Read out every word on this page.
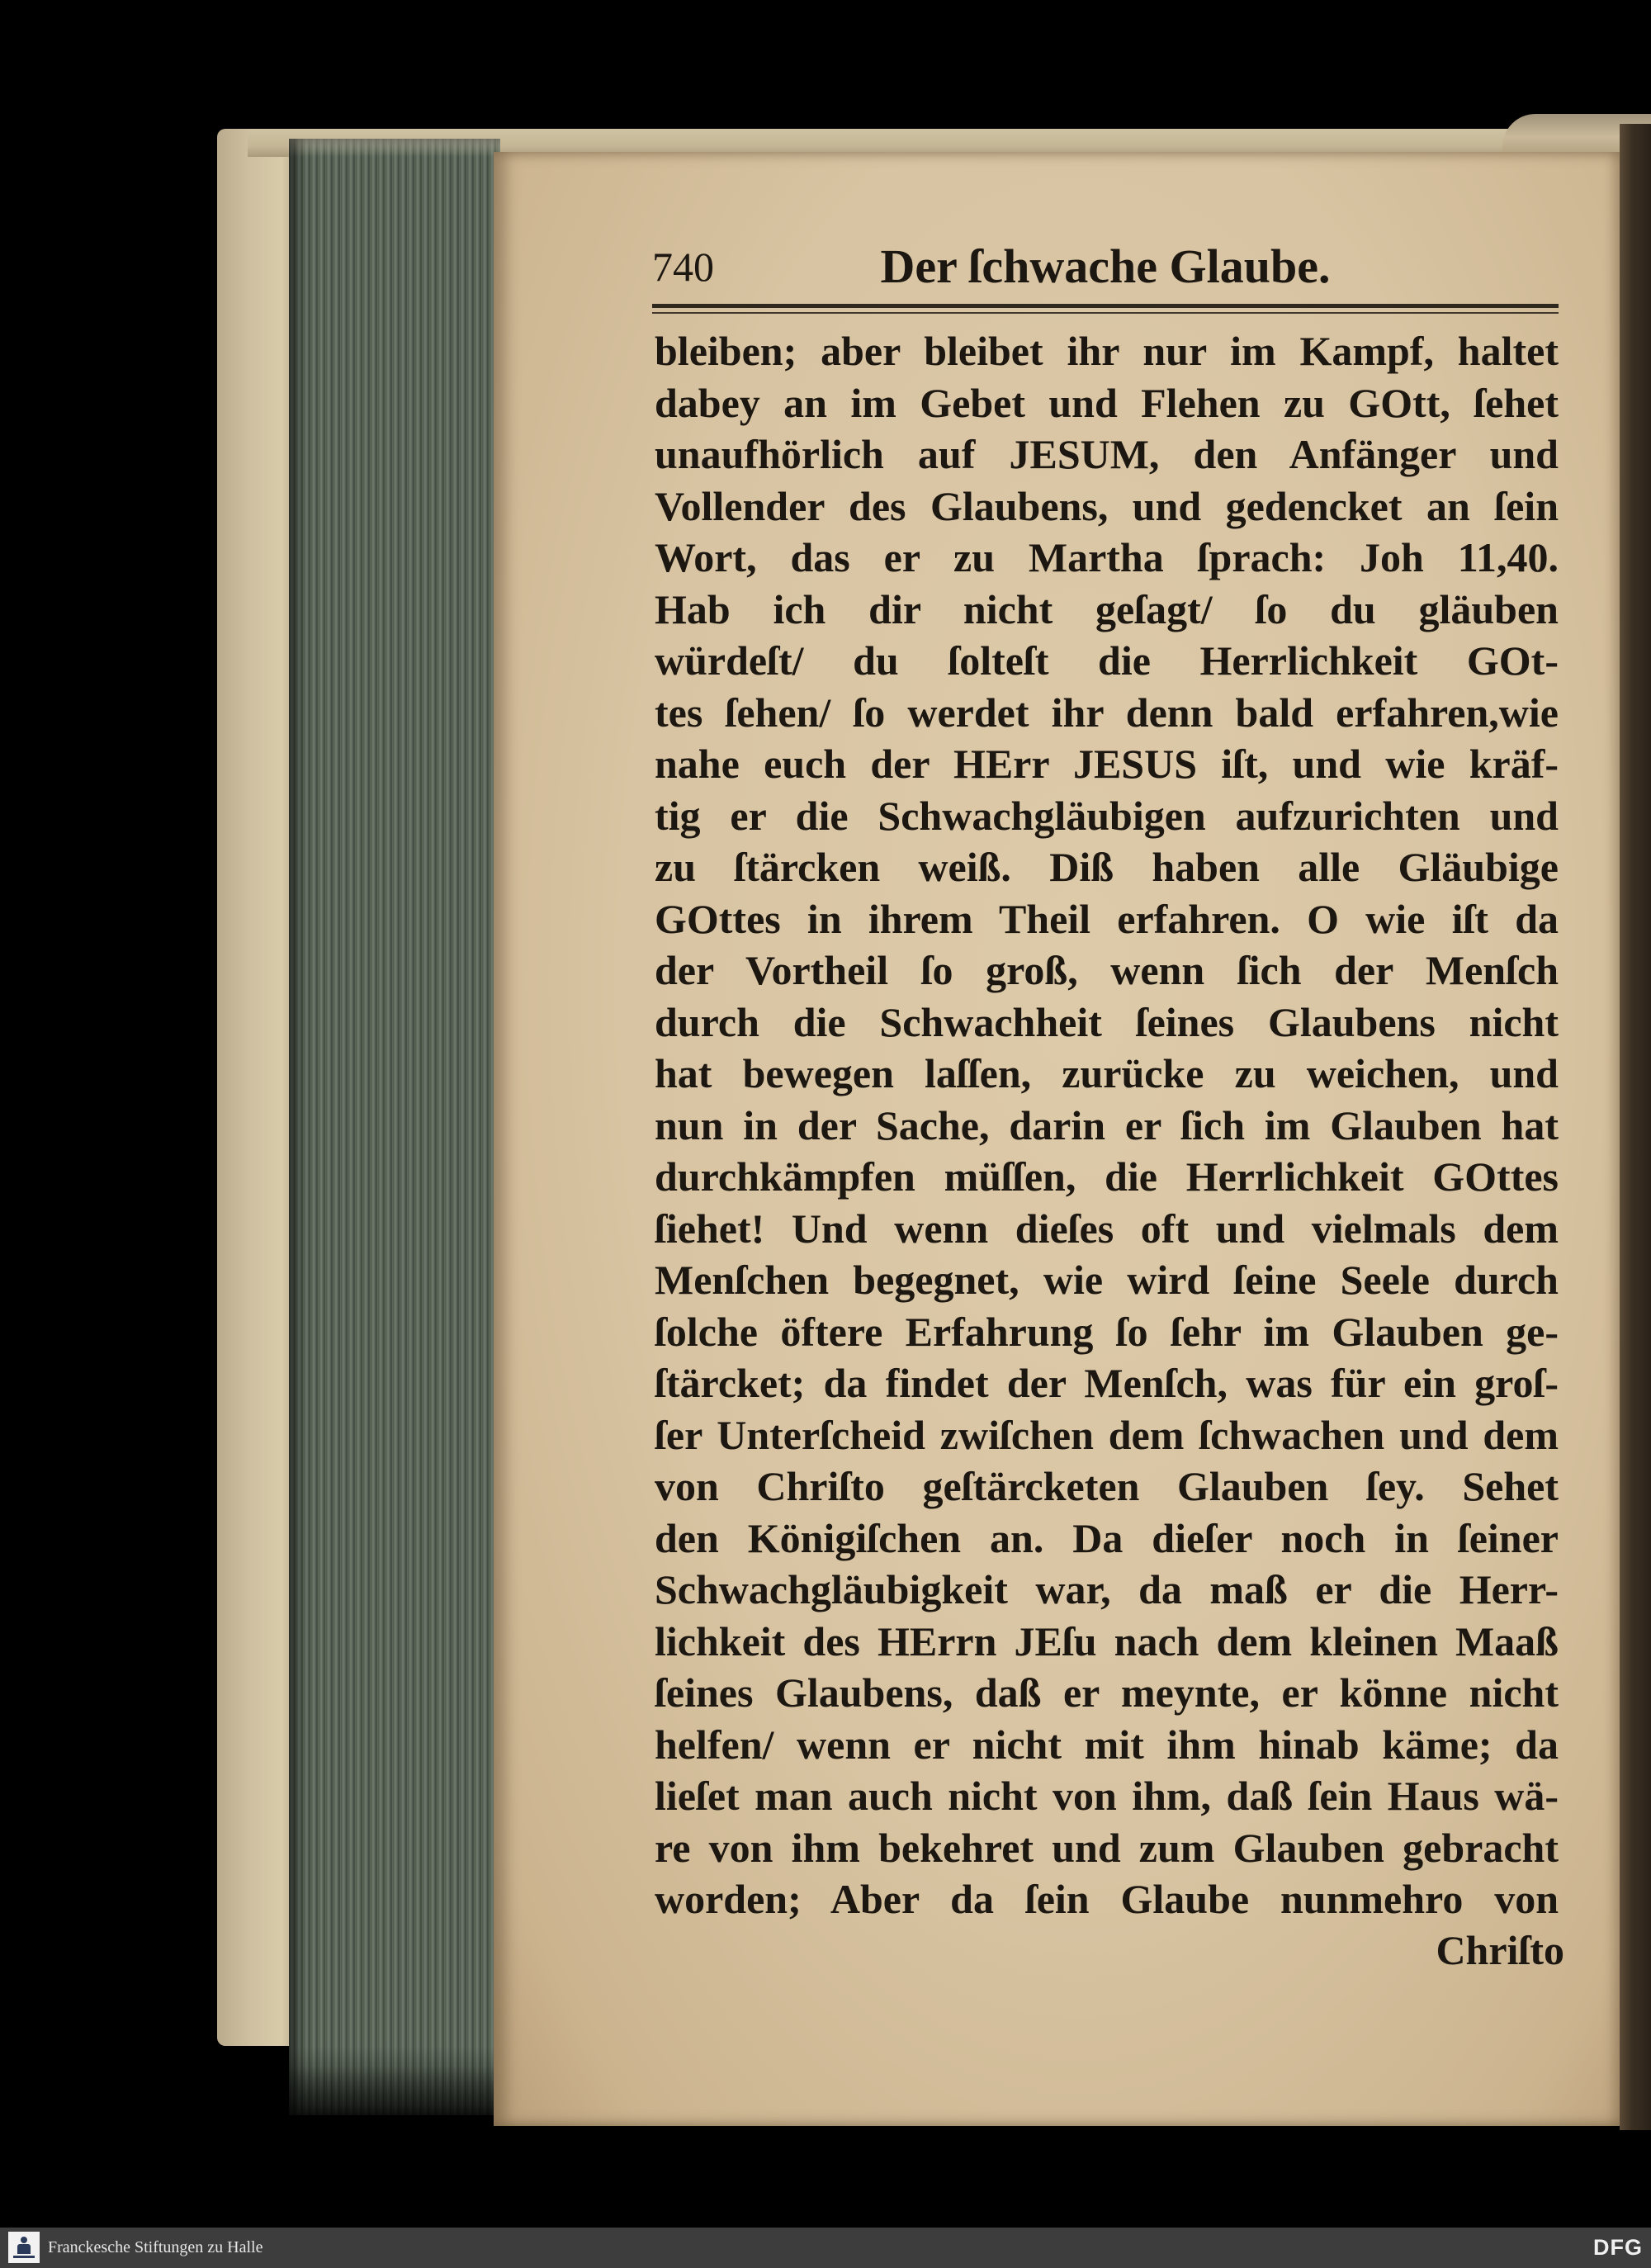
740	Der ſchwache Glaube.
bleiben; aber bleibet ihr nur im Kampf, haltet
dabey an im Gebet und Flehen zu GOtt, ſehet
unaufhörlich auf JESUM, den Anfänger und
Vollender des Glaubens, und gedencket an ſein
Wort, das er zu Martha ſprach: Joh 11,40.
Hab ich dir nicht geſagt/ ſo du gläuben
würdeſt/ du ſolteſt die Herrlichkeit GOt-
tes ſehen/ ſo werdet ihr denn bald erfahren,wie
nahe euch der HErr JESUS iſt, und wie kräf-
tig er die Schwachgläubigen aufzurichten und
zu ſtärcken weiß. Diß haben alle Gläubige
GOttes in ihrem Theil erfahren. O wie iſt da
der Vortheil ſo groß, wenn ſich der Menſch
durch die Schwachheit ſeines Glaubens nicht
hat bewegen laſſen, zurücke zu weichen, und
nun in der Sache, darin er ſich im Glauben hat
durchkämpfen müſſen, die Herrlichkeit GOttes
ſiehet! Und wenn dieſes oft und vielmals dem
Menſchen begegnet, wie wird ſeine Seele durch
ſolche öftere Erfahrung ſo ſehr im Glauben ge-
ſtärcket; da findet der Menſch, was für ein groſ-
ſer Unterſcheid zwiſchen dem ſchwachen und dem
von Chriſto geſtärcketen Glauben ſey. Sehet
den Königiſchen an. Da dieſer noch in ſeiner
Schwachgläubigkeit war, da maß er die Herr-
lichkeit des HErrn JEſu nach dem kleinen Maaß
ſeines Glaubens, daß er meynte, er könne nicht
helfen/ wenn er nicht mit ihm hinab käme; da
lieſet man auch nicht von ihm, daß ſein Haus wä-
re von ihm bekehret und zum Glauben gebracht
worden; Aber da ſein Glaube nunmehro von
Chriſto
Franckesche Stiftungen zu Halle	DFG
